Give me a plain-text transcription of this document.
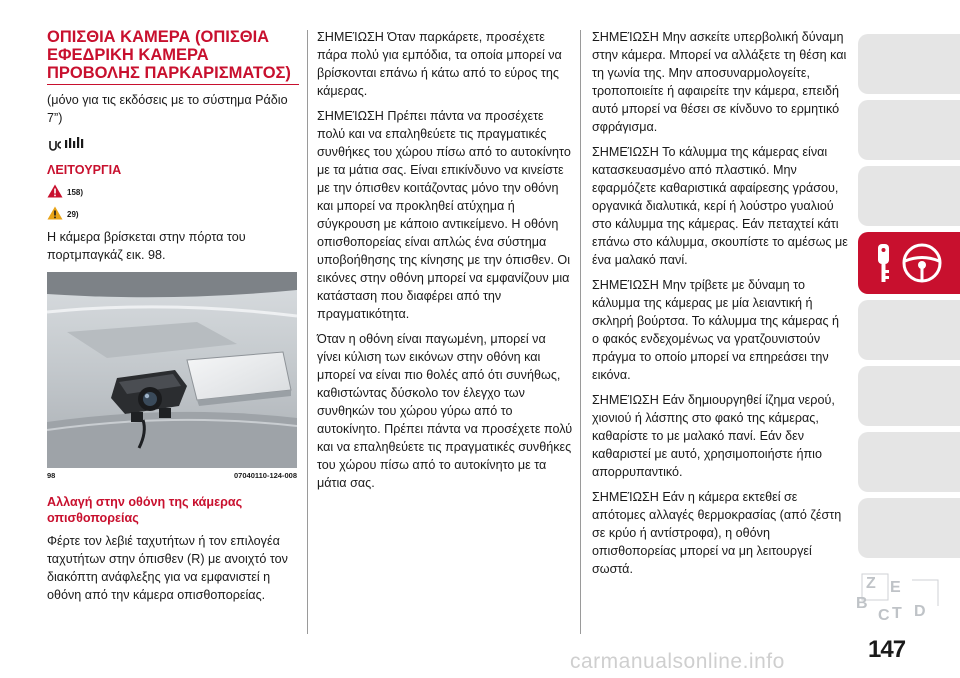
ΟΠΙΣΘΙΑ ΚΑΜΕΡΑ (ΟΠΙΣΘΙΑ ΕΦΕΔΡΙΚΗ ΚΑΜΕΡΑ ΠΡΟΒΟΛΗΣ ΠΑΡΚΑΡΙΣΜΑΤΟΣ)

(μόνο για τις εκδόσεις με το σύστημα Ράδιο 7”)

ΛΕΙΤΟΥΡΓΙΑ
158)
29)

Η κάμερα βρίσκεται στην πόρτα του πορτμπαγκάζ εικ. 98.

98	07040110-124-008
Αλλαγή στην οθόνη της κάμερας οπισθοπορείας

Φέρτε τον λεβιέ ταχυτήτων ή τον επιλογέα ταχυτήτων στην όπισθεν (R) με ανοιχτό τον διακόπτη ανάφλεξης για να εμφανιστεί η οθόνη από την κάμερα οπισθοπορείας.

ΣΗΜΕΊΩΣΗ Όταν παρκάρετε, προσέχετε πάρα πολύ για εμπόδια, τα οποία μπορεί να βρίσκονται επάνω ή κάτω από το εύρος της κάμερας.

ΣΗΜΕΊΩΣΗ Πρέπει πάντα να προσέχετε πολύ και να επαληθεύετε τις πραγματικές συνθήκες του χώρου πίσω από το αυτοκίνητο με τα μάτια σας. Είναι επικίνδυνο να κινείστε με την όπισθεν κοιτάζοντας μόνο την οθόνη και μπορεί να προκληθεί ατύχημα ή σύγκρουση με κάποιο αντικείμενο. Η οθόνη οπισθοπορείας είναι απλώς ένα σύστημα υποβοήθησης της κίνησης με την όπισθεν. Οι εικόνες στην οθόνη μπορεί να εμφανίζουν μια κατάσταση που διαφέρει από την πραγματικότητα.

Όταν η οθόνη είναι παγωμένη, μπορεί να γίνει κύλιση των εικόνων στην οθόνη και μπορεί να είναι πιο θολές από ότι συνήθως, καθιστώντας δύσκολο τον έλεγχο των συνθηκών του χώρου γύρω από το αυτοκίνητο. Πρέπει πάντα να προσέχετε πολύ και να επαληθεύετε τις πραγματικές συνθήκες του χώρου πίσω από το αυτοκίνητο με τα μάτια σας.

ΣΗΜΕΊΩΣΗ Μην ασκείτε υπερβολική δύναμη στην κάμερα. Μπορεί να αλλάξετε τη θέση και τη γωνία της. Μην αποσυναρμολογείτε, τροποποιείτε ή αφαιρείτε την κάμερα, επειδή αυτό μπορεί να θέσει σε κίνδυνο το ερμητικό σφράγισμα.

ΣΗΜΕΊΩΣΗ Το κάλυμμα της κάμερας είναι κατασκευασμένο από πλαστικό. Μην εφαρμόζετε καθαριστικά αφαίρεσης γράσου, οργανικά διαλυτικά, κερί ή λούστρο γυαλιού στο κάλυμμα της κάμερας. Εάν πεταχτεί κάτι επάνω στο κάλυμμα, σκουπίστε το αμέσως με ένα μαλακό πανί.

ΣΗΜΕΊΩΣΗ Μην τρίβετε με δύναμη το κάλυμμα της κάμερας με μία λειαντική ή σκληρή βούρτσα. Το κάλυμμα της κάμερας ή ο φακός ενδεχομένως να γρατζουνιστούν πράγμα το οποίο μπορεί να επηρεάσει την εικόνα.

ΣΗΜΕΊΩΣΗ Εάν δημιουργηθεί ίζημα νερού, χιονιού ή λάσπης στο φακό της κάμερας, καθαρίστε το με μαλακό πανί. Εάν δεν καθαριστεί με αυτό, χρησιμοποιήστε ήπιο απορρυπαντικό.

ΣΗΜΕΊΩΣΗ Εάν η κάμερα εκτεθεί σε απότομες αλλαγές θερμοκρασίας (από ζέστη σε κρύο ή αντίστροφα), η οθόνη οπισθοπορείας μπορεί να μη λειτουργεί σωστά.

Z E
B
C T D
147
carmanualsonline.info
